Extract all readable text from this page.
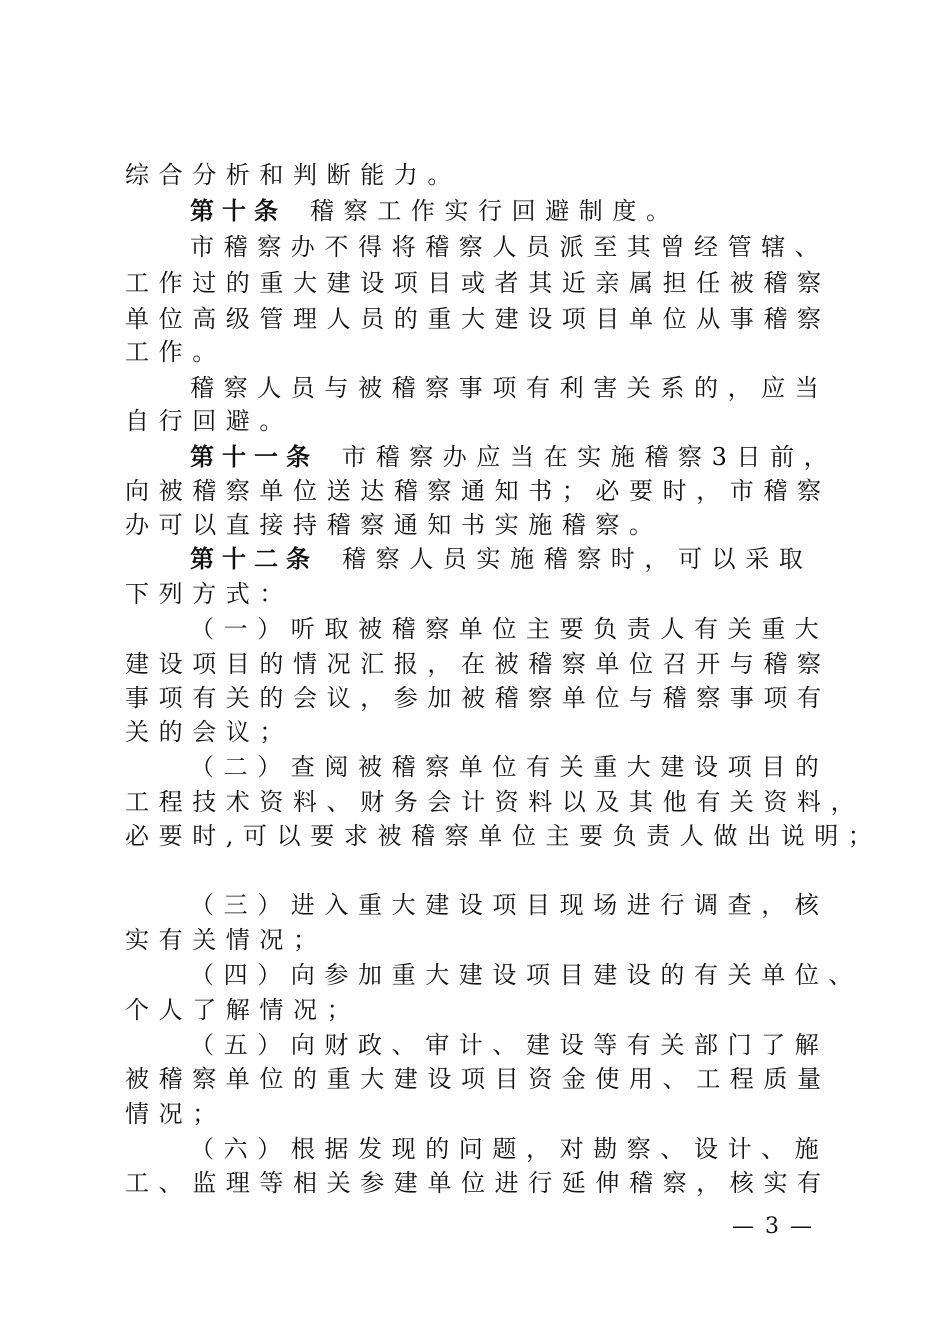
综合分析和判断能力。
第十条 稽察工作实行回避制度。
市稽察办不得将稽察人员派至其曾经管辖、
工作过的重大建设项目或者其近亲属担任被稽察
单位高级管理人员的重大建设项目单位从事稽察
工作。
稽察人员与被稽察事项有利害关系的，应当
自行回避。
第十一条 市稽察办应当在实施稽察3日前，
向被稽察单位送达稽察通知书；必要时，市稽察
办可以直接持稽察通知书实施稽察。
第十二条 稽察人员实施稽察时，可以采取
下列方式：
（一）听取被稽察单位主要负责人有关重大
建设项目的情况汇报，在被稽察单位召开与稽察
事项有关的会议，参加被稽察单位与稽察事项有
关的会议；
（二）查阅被稽察单位有关重大建设项目的
工程技术资料、财务会计资料以及其他有关资料，
必要时,可以要求被稽察单位主要负责人做出说明；
（三）进入重大建设项目现场进行调查，核
实有关情况；
（四）向参加重大建设项目建设的有关单位、
个人了解情况；
（五）向财政、审计、建设等有关部门了解
被稽察单位的重大建设项目资金使用、工程质量
情况；
（六）根据发现的问题，对勘察、设计、施
工、监理等相关参建单位进行延伸稽察，核实有
— 3 —
